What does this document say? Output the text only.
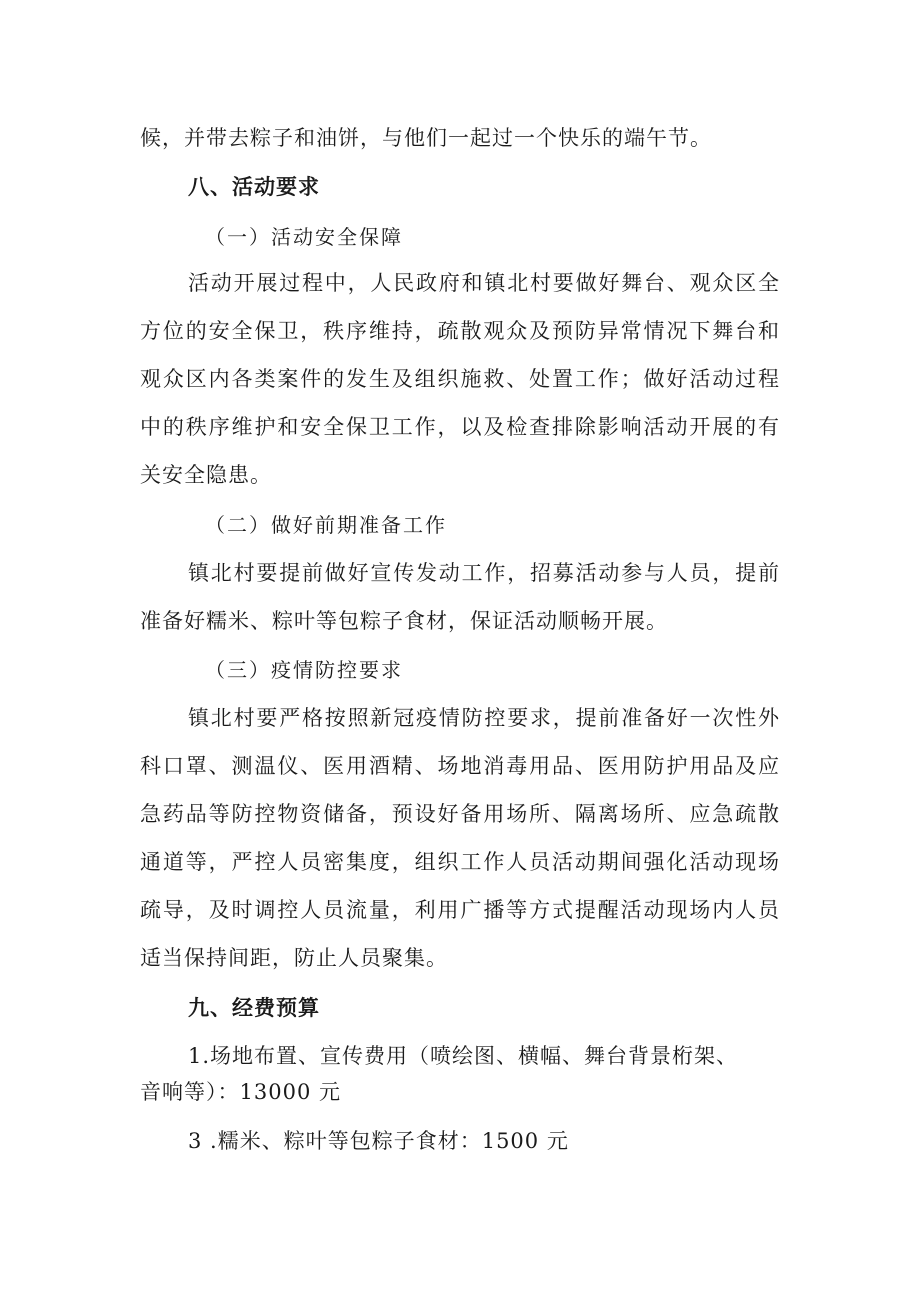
候，并带去粽子和油饼，与他们一起过一个快乐的端午节。
八、活动要求
（一）活动安全保障
活动开展过程中，人民政府和镇北村要做好舞台、观众区全
方位的安全保卫，秩序维持，疏散观众及预防异常情况下舞台和
观众区内各类案件的发生及组织施救、处置工作；做好活动过程
中的秩序维护和安全保卫工作，以及检查排除影响活动开展的有
关安全隐患。
（二）做好前期准备工作
镇北村要提前做好宣传发动工作，招募活动参与人员，提前
准备好糯米、粽叶等包粽子食材，保证活动顺畅开展。
（三）疫情防控要求
镇北村要严格按照新冠疫情防控要求，提前准备好一次性外
科口罩、测温仪、医用酒精、场地消毒用品、医用防护用品及应
急药品等防控物资储备，预设好备用场所、隔离场所、应急疏散
通道等，严控人员密集度，组织工作人员活动期间强化活动现场
疏导，及时调控人员流量，利用广播等方式提醒活动现场内人员
适当保持间距，防止人员聚集。
九、经费预算
1.场地布置、宣传费用（喷绘图、横幅、舞台背景桁架、
音响等）：13000 元
3 .糯米、粽叶等包粽子食材：1500 元
